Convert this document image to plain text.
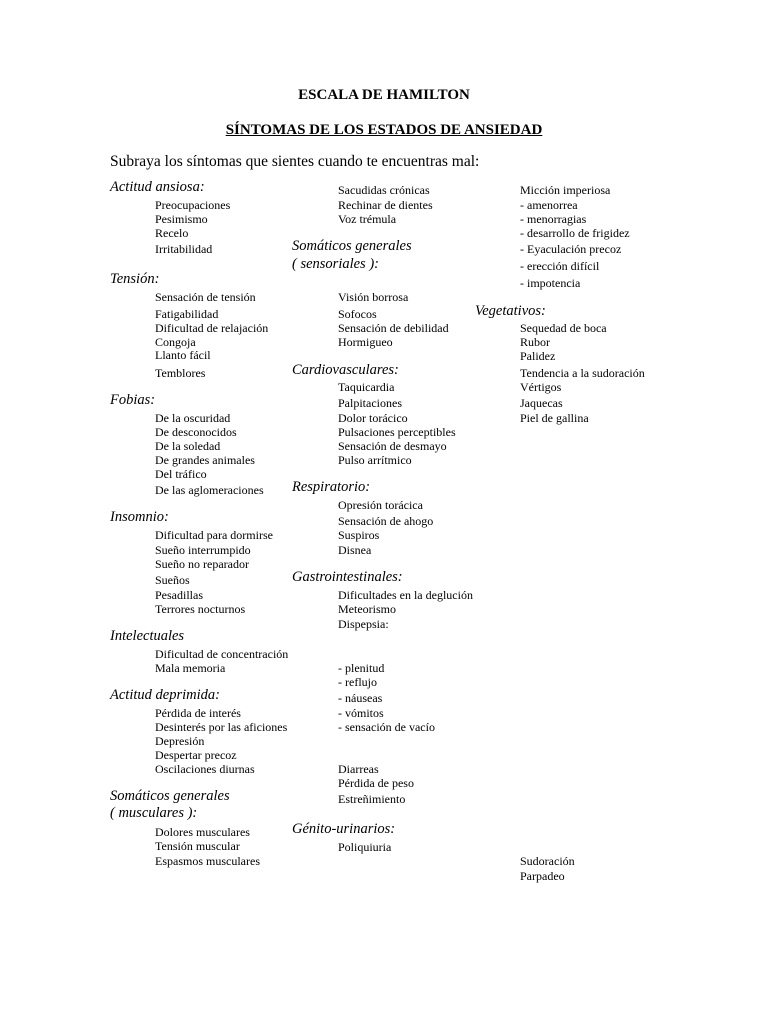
ESCALA DE HAMILTON
SÍNTOMAS DE LOS ESTADOS DE ANSIEDAD
Subraya los síntomas que sientes cuando te encuentras mal:
Actitud ansiosa:
Preocupaciones
Pesimismo
Recelo
Irritabilidad
Tensión:
Sensación de tensión
Fatigabilidad
Dificultad de relajación
Congoja
Llanto fácil
Temblores
Fobias:
De la oscuridad
De desconocidos
De la soledad
De grandes animales
Del tráfico
De las aglomeraciones
Insomnio:
Dificultad para dormirse
Sueño interrumpido
Sueño no reparador
Sueños
Pesadillas
Terrores nocturnos
Intelectuales
Dificultad de concentración
Mala memoria
Actitud deprimida:
Pérdida de interés
Desinterés por las aficiones
Depresión
Despertar precoz
Oscilaciones diurnas
Somáticos generales
( musculares ):
Dolores musculares
Tensión muscular
Espasmos musculares
Sacudidas crónicas
Rechinar de dientes
Voz trémula
Somáticos generales
( sensoriales ):
Visión borrosa
Sofocos
Sensación de debilidad
Hormigueo
Cardiovasculares:
Taquicardia
Palpitaciones
Dolor torácico
Pulsaciones perceptibles
Sensación de desmayo
Pulso arrítmico
Respiratorio:
Opresión torácica
Sensación de ahogo
Suspiros
Disnea
Gastrointestinales:
Dificultades en la deglución
Meteorismo
Dispepsia:
- plenitud
- reflujo
- náuseas
- vómitos
- sensación de vacío
Diarreas
Pérdida de peso
Estreñimiento
Génito-urinarios:
Poliquiuria
Micción imperiosa
- amenorrea
- menorragias
- desarrollo de frigidez
- Eyaculación precoz
- erección difícil
- impotencia
Vegetativos:
Sequedad de boca
Rubor
Palidez
Tendencia a la sudoración
Vértigos
Jaquecas
Piel de gallina
Sudoración
Parpadeo
